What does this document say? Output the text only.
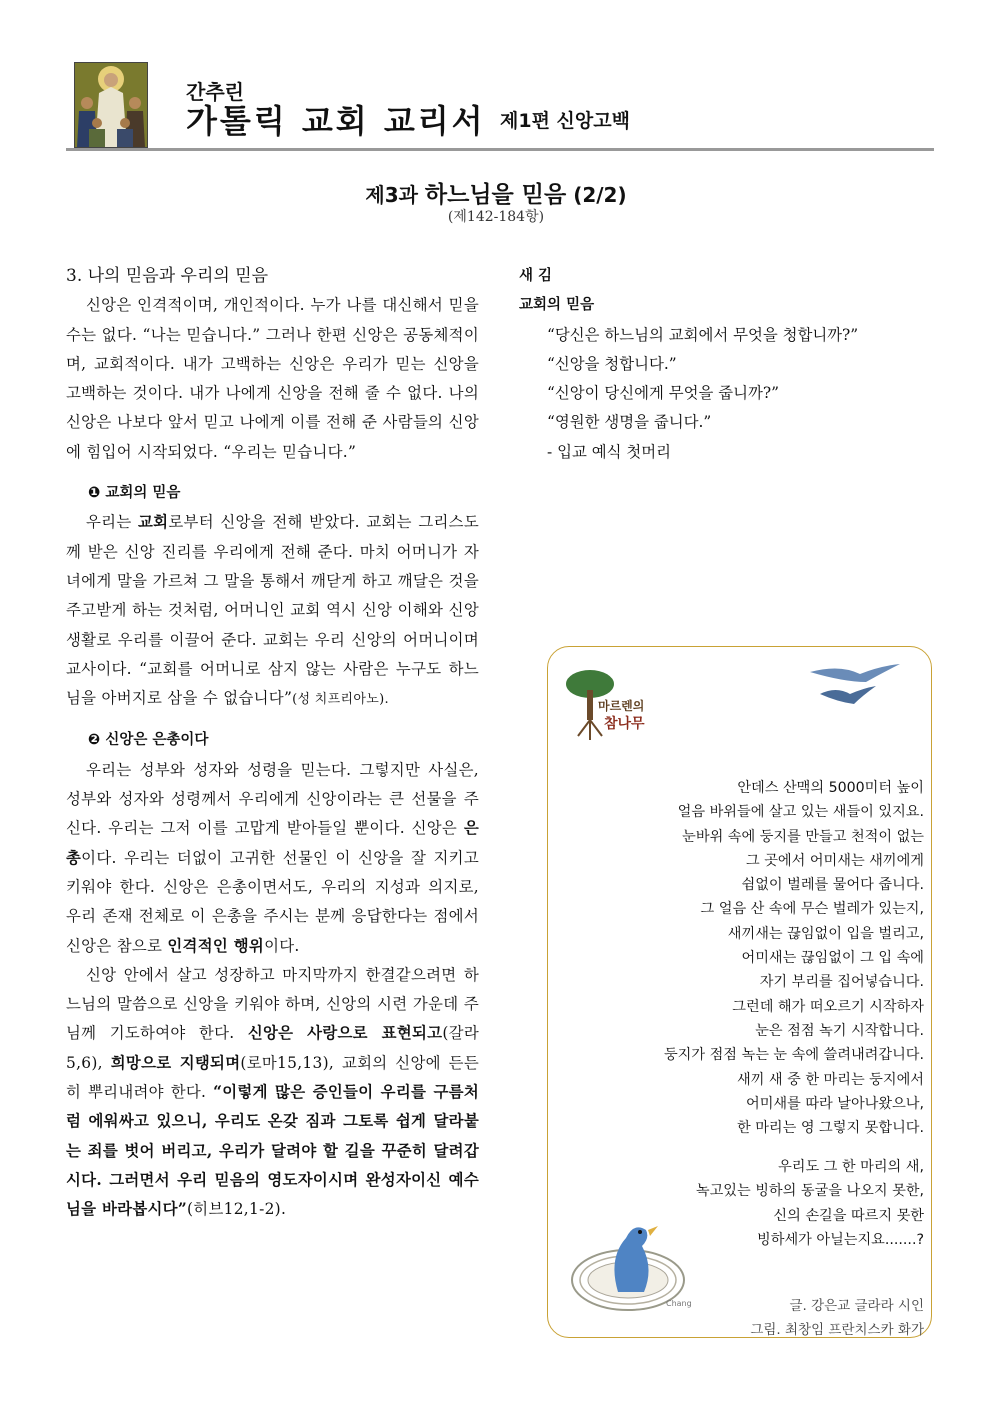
간추린
가톨릭 교회 교리서 제1편 신앙고백
제3과 하느님을 믿음 (2/2)
(제142-184항)

3. 나의 믿음과 우리의 믿음

신앙은 인격적이며, 개인적이다. 누가 나를 대신해서 믿을 수는 없다. “나는 믿습니다.” 그러나 한편 신앙은 공동체적이며, 교회적이다. 내가 고백하는 신앙은 우리가 믿는 신앙을 고백하는 것이다. 내가 나에게 신앙을 전해 줄 수 없다. 나의 신앙은 나보다 앞서 믿고 나에게 이를 전해 준 사람들의 신앙에 힘입어 시작되었다. “우리는 믿습니다.”

❶ 교회의 믿음

우리는 교회로부터 신앙을 전해 받았다. 교회는 그리스도께 받은 신앙 진리를 우리에게 전해 준다. 마치 어머니가 자녀에게 말을 가르쳐 그 말을 통해서 깨닫게 하고 깨달은 것을 주고받게 하는 것처럼, 어머니인 교회 역시 신앙 이해와 신앙생활로 우리를 이끌어 준다. 교회는 우리 신앙의 어머니이며 교사이다. “교회를 어머니로 삼지 않는 사람은 누구도 하느님을 아버지로 삼을 수 없습니다”(성 치프리아노).

❷ 신앙은 은총이다

우리는 성부와 성자와 성령을 믿는다. 그렇지만 사실은, 성부와 성자와 성령께서 우리에게 신앙이라는 큰 선물을 주신다. 우리는 그저 이를 고맙게 받아들일 뿐이다. 신앙은 은총이다. 우리는 더없이 고귀한 선물인 이 신앙을 잘 지키고 키워야 한다. 신앙은 은총이면서도, 우리의 지성과 의지로, 우리 존재 전체로 이 은총을 주시는 분께 응답한다는 점에서 신앙은 참으로 인격적인 행위이다.

신앙 안에서 살고 성장하고 마지막까지 한결같으려면 하느님의 말씀으로 신앙을 키워야 하며, 신앙의 시련 가운데 주님께 기도하여야 한다. 신앙은 사랑으로 표현되고(갈라 5,6), 희망으로 지탱되며(로마15,13), 교회의 신앙에 든든히 뿌리내려야 한다. “이렇게 많은 증인들이 우리를 구름처럼 에워싸고 있으니, 우리도 온갖 짐과 그토록 쉽게 달라붙는 죄를 벗어 버리고, 우리가 달려야 할 길을 꾸준히 달려갑시다. 그러면서 우리 믿음의 영도자이시며 완성자이신 예수님을 바라봅시다”(히브12,1-2).

새 김
교회의 믿음
“당신은 하느님의 교회에서 무엇을 청합니까?”
“신앙을 청합니다.”
“신앙이 당신에게 무엇을 줍니까?”
“영원한 생명을 줍니다.”
- 입교 예식 첫머리
마르렌의
참나무
안데스 산맥의 5000미터 높이
얼음 바위들에 살고 있는 새들이 있지요.
눈바위 속에 둥지를 만들고 천적이 없는
그 곳에서 어미새는 새끼에게
쉼없이 벌레를 물어다 줍니다.
그 얼음 산 속에 무슨 벌레가 있는지,
새끼새는 끊임없이 입을 벌리고,
어미새는 끊임없이 그 입 속에
자기 부리를 집어넣습니다.
그런데 해가 떠오르기 시작하자
눈은 점점 녹기 시작합니다.
둥지가 점점 녹는 눈 속에 쓸려내려갑니다.
새끼 새 중 한 마리는 둥지에서
어미새를 따라 날아나왔으나,
한 마리는 영 그렇지 못합니다.
우리도 그 한 마리의 새,
녹고있는 빙하의 동굴을 나오지 못한,
신의 손길을 따르지 못한
빙하세가 아닐는지요.......?
Chang	글. 강은교 글라라 시인
그림. 최창임 프란치스카 화가
